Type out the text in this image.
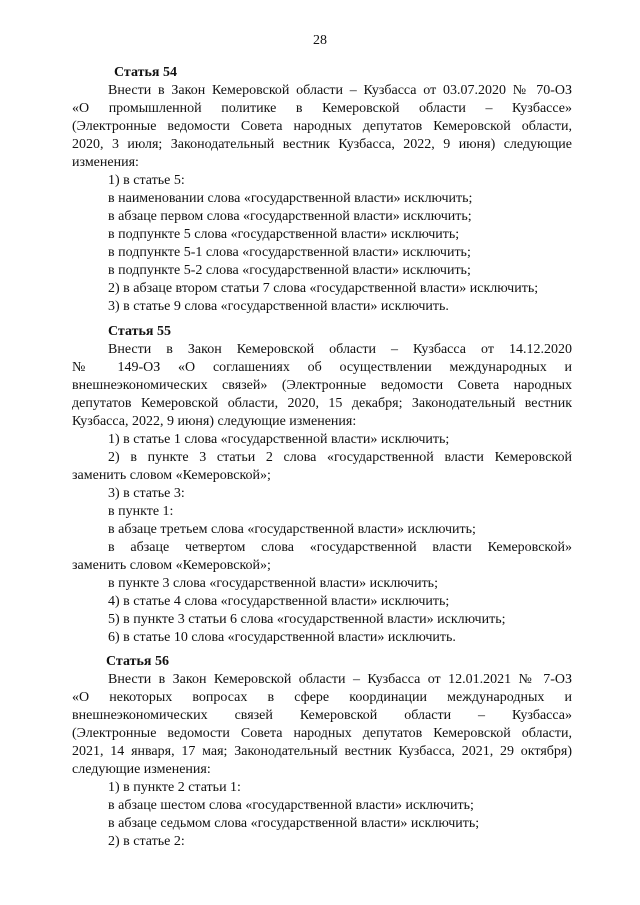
28
Статья 54

Внести в Закон Кемеровской области – Кузбасса от 03.07.2020 № 70-ОЗ

«О промышленной политике в Кемеровской области – Кузбассе»

(Электронные ведомости Совета народных депутатов Кемеровской области,

2020, 3 июля; Законодательный вестник Кузбасса, 2022, 9 июня) следующие

изменения:

1) в статье 5:

в наименовании слова «государственной власти» исключить;

в абзаце первом слова «государственной власти» исключить;

в подпункте 5 слова «государственной власти» исключить;

в подпункте 5-1 слова «государственной власти» исключить;

в подпункте 5-2 слова «государственной власти» исключить;

2) в абзаце втором статьи 7 слова «государственной власти» исключить;

3) в статье 9 слова «государственной власти» исключить.

Статья 55

Внести в Закон Кемеровской области – Кузбасса от 14.12.2020

№ 149-ОЗ «О соглашениях об осуществлении международных и

внешнеэкономических связей» (Электронные ведомости Совета народных

депутатов Кемеровской области, 2020, 15 декабря; Законодательный вестник

Кузбасса, 2022, 9 июня) следующие изменения:

1) в статье 1 слова «государственной власти» исключить;

2) в пункте 3 статьи 2 слова «государственной власти Кемеровской

заменить словом «Кемеровской»;

3) в статье 3:

в пункте 1:

в абзаце третьем слова «государственной власти» исключить;

в абзаце четвертом слова «государственной власти Кемеровской»

заменить словом «Кемеровской»;

в пункте 3 слова «государственной власти» исключить;

4) в статье 4 слова «государственной власти» исключить;

5) в пункте 3 статьи 6 слова «государственной власти» исключить;

6) в статье 10 слова «государственной власти» исключить.

Статья 56

Внести в Закон Кемеровской области – Кузбасса от 12.01.2021 № 7-ОЗ

«О некоторых вопросах в сфере координации международных и

внешнеэкономических связей Кемеровской области – Кузбасса»

(Электронные ведомости Совета народных депутатов Кемеровской области,

2021, 14 января, 17 мая; Законодательный вестник Кузбасса, 2021, 29 октября)

следующие изменения:

1) в пункте 2 статьи 1:

в абзаце шестом слова «государственной власти» исключить;

в абзаце седьмом слова «государственной власти» исключить;

2) в статье 2:
